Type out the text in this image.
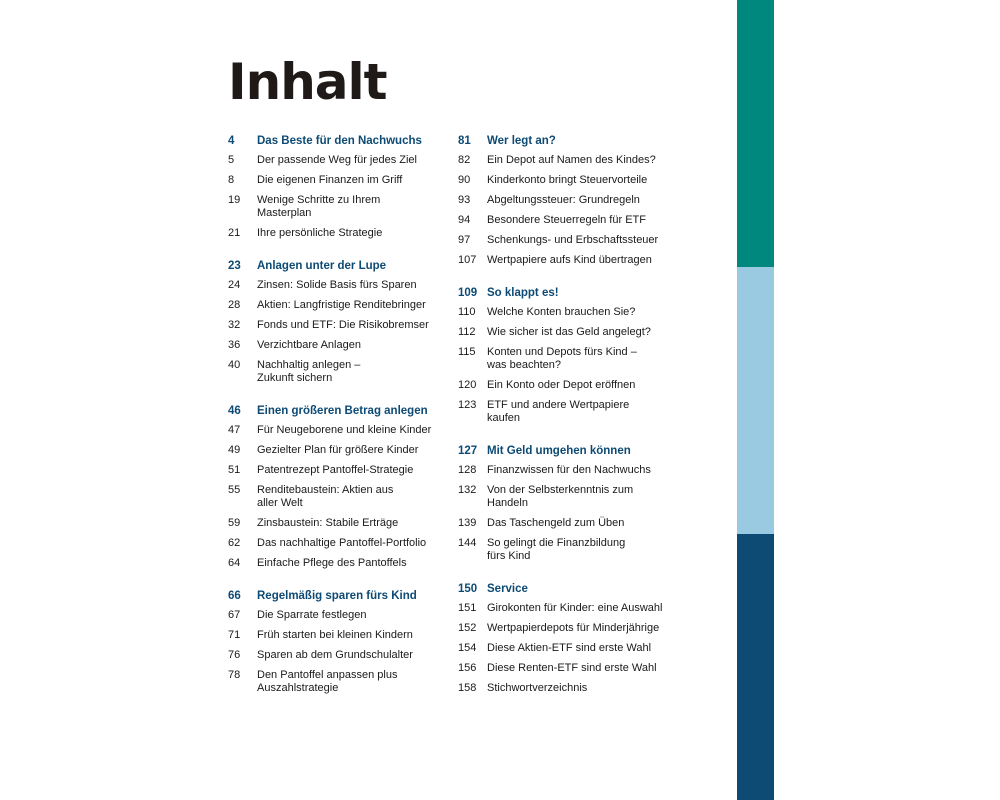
Inhalt
4	Das Beste für den Nachwuchs
5	Der passende Weg für jedes Ziel
8	Die eigenen Finanzen im Griff
19	Wenige Schritte zu Ihrem
Masterplan
21	Ihre persönliche Strategie
23	Anlagen unter der Lupe
24	Zinsen: Solide Basis fürs Sparen
28	Aktien: Langfristige Renditebringer
32	Fonds und ETF: Die Risikobremser
36	Verzichtbare Anlagen
40	Nachhaltig anlegen –
Zukunft sichern
46	Einen größeren Betrag anlegen
47	Für Neugeborene und kleine Kinder
49	Gezielter Plan für größere Kinder
51	Patentrezept Pantoffel-Strategie
55	Renditebaustein: Aktien aus
aller Welt
59	Zinsbaustein: Stabile Erträge
62	Das nachhaltige Pantoffel-Portfolio
64	Einfache Pflege des Pantoffels
66	Regelmäßig sparen fürs Kind
67	Die Sparrate festlegen
71	Früh starten bei kleinen Kindern
76	Sparen ab dem Grundschulalter
78	Den Pantoffel anpassen plus
Auszahlstrategie
81	Wer legt an?
82	Ein Depot auf Namen des Kindes?
90	Kinderkonto bringt Steuervorteile
93	Abgeltungssteuer: Grundregeln
94	Besondere Steuerregeln für ETF
97	Schenkungs- und Erbschaftssteuer
107 Wertpapiere aufs Kind übertragen
109 So klappt es!
110	Welche Konten brauchen Sie?
112	Wie sicher ist das Geld angelegt?
115	Konten und Depots fürs Kind –
was beachten?
120 Ein Konto oder Depot eröffnen
123 ETF und andere Wertpapiere
kaufen
127 Mit Geld umgehen können
128 Finanzwissen für den Nachwuchs
132 Von der Selbsterkenntnis zum
Handeln
139 Das Taschengeld zum Üben
144 So gelingt die Finanzbildung
fürs Kind
150 Service
151 Girokonten für Kinder: eine Auswahl
152 Wertpapierdepots für Minderjährige
154 Diese Aktien-ETF sind erste Wahl
156 Diese Renten-ETF sind erste Wahl
158 Stichwortverzeichnis
